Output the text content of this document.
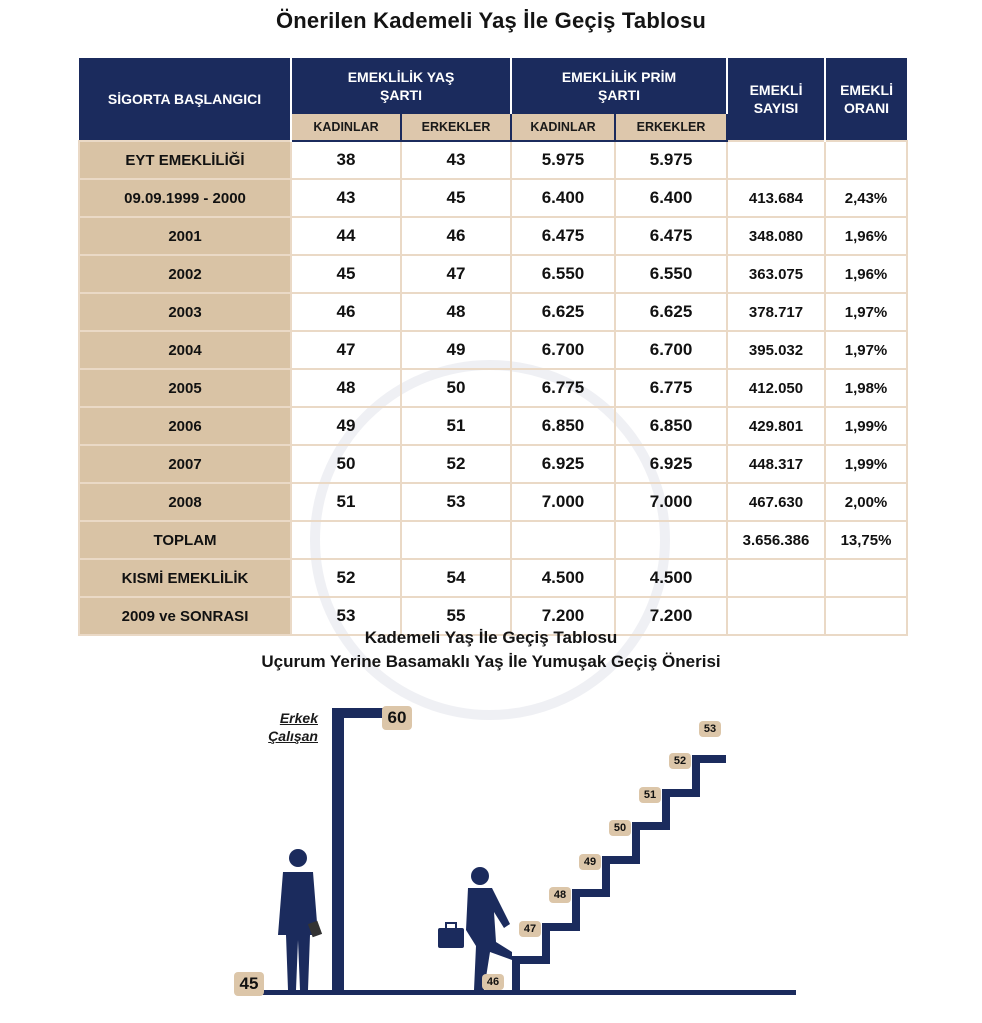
Önerilen Kademeli Yaş İle Geçiş Tablosu
SİGORTA BAŞLANGICI	EMEKLİLİK YAŞ ŞARTI		EMEKLİLİK PRİM ŞARTI		EMEKLİ SAYISI	EMEKLİ ORANI
	KADINLAR	ERKEKLER	KADINLAR	ERKEKLER		
EYT EMEKLİLİĞİ	38	43	5.975	5.975		
09.09.1999 - 2000	43	45	6.400	6.400	413.684	2,43%
2001	44	46	6.475	6.475	348.080	1,96%
2002	45	47	6.550	6.550	363.075	1,96%
2003	46	48	6.625	6.625	378.717	1,97%
2004	47	49	6.700	6.700	395.032	1,97%
2005	48	50	6.775	6.775	412.050	1,98%
2006	49	51	6.850	6.850	429.801	1,99%
2007	50	52	6.925	6.925	448.317	1,99%
2008	51	53	7.000	7.000	467.630	2,00%
TOPLAM					3.656.386	13,75%
KISMİ EMEKLİLİK	52	54	4.500	4.500		
2009 ve SONRASI	53	55	7.200	7.200		
Kademeli Yaş İle Geçiş Tablosu
Uçurum Yerine Basamaklı Yaş İle Yumuşak Geçiş Önerisi
Erkek
Çalışan
60
45	46
47
48
49
50
51
52
53
